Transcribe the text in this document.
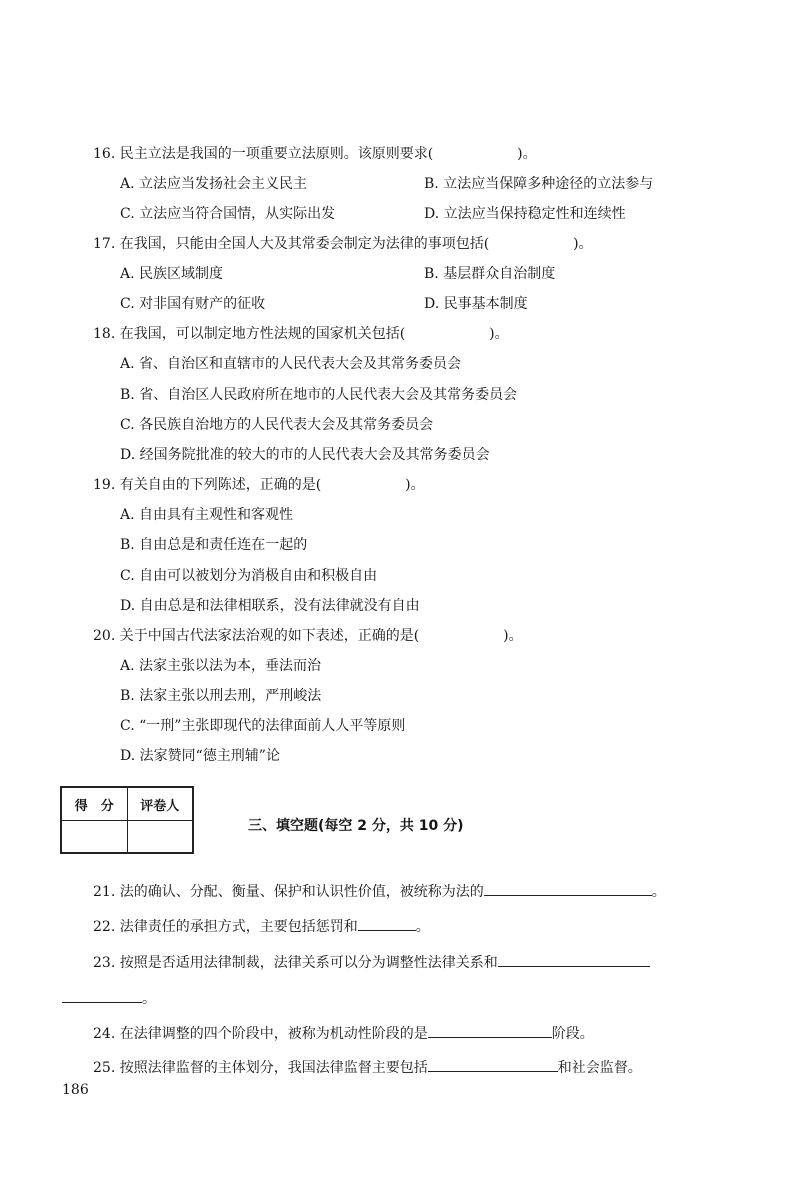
16. 民主立法是我国的一项重要立法原则。该原则要求(　　　　　　)。
A. 立法应当发扬社会主义民主	B. 立法应当保障多种途径的立法参与
C. 立法应当符合国情，从实际出发	D. 立法应当保持稳定性和连续性
17. 在我国，只能由全国人大及其常委会制定为法律的事项包括(　　　　　　)。
A. 民族区域制度	B. 基层群众自治制度
C. 对非国有财产的征收	D. 民事基本制度
18. 在我国，可以制定地方性法规的国家机关包括(　　　　　　)。
A. 省、自治区和直辖市的人民代表大会及其常务委员会
B. 省、自治区人民政府所在地市的人民代表大会及其常务委员会
C. 各民族自治地方的人民代表大会及其常务委员会
D. 经国务院批准的较大的市的人民代表大会及其常务委员会
19. 有关自由的下列陈述，正确的是(　　　　　　)。
A. 自由具有主观性和客观性
B. 自由总是和责任连在一起的
C. 自由可以被划分为消极自由和积极自由
D. 自由总是和法律相联系，没有法律就没有自由
20. 关于中国古代法家法治观的如下表述，正确的是(　　　　　　)。
A. 法家主张以法为本，垂法而治
B. 法家主张以刑去刑，严刑峻法
C. “一刑”主张即现代的法律面前人人平等原则
D. 法家赞同“德主刑辅”论
得　分	评卷人

三、填空题(每空 2 分，共 10 分)
21. 法的确认、分配、衡量、保护和认识性价值，被统称为法的	。
22. 法律责任的承担方式，主要包括惩罚和	。
23. 按照是否适用法律制裁，法律关系可以分为调整性法律关系和
。
24. 在法律调整的四个阶段中，被称为机动性阶段的是	阶段。
25. 按照法律监督的主体划分，我国法律监督主要包括	和社会监督。
186
